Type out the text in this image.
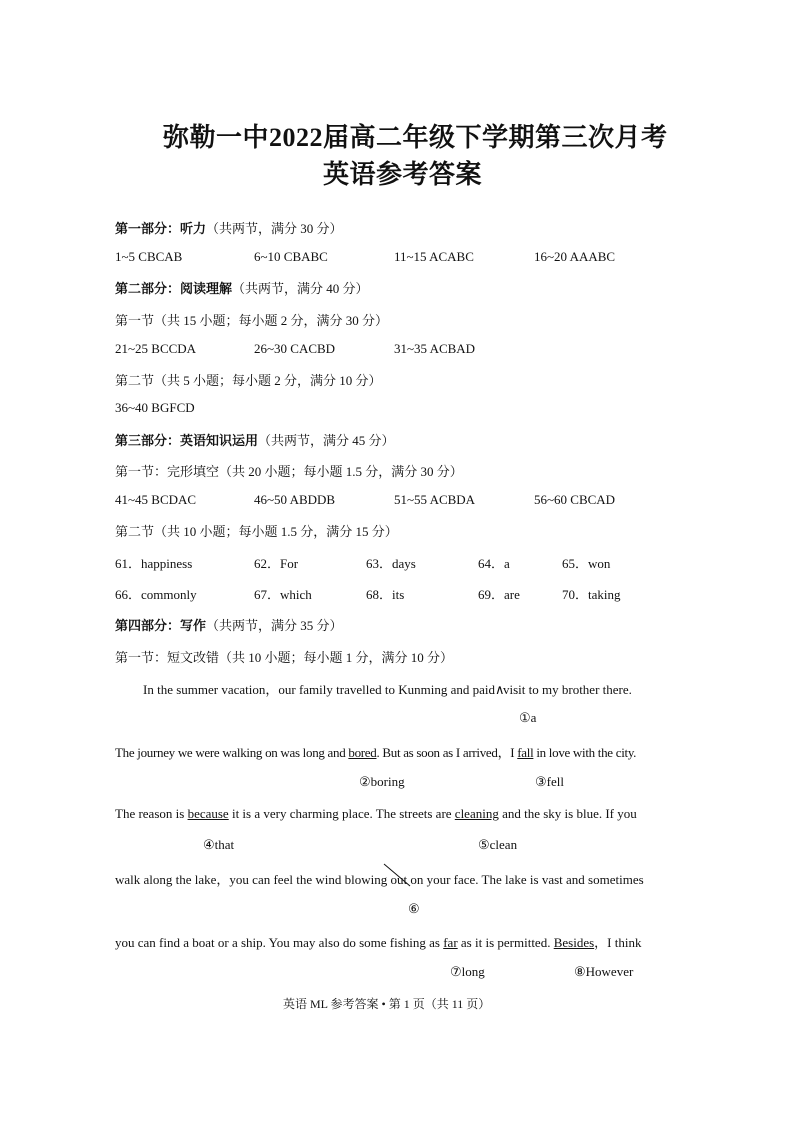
弥勒一中2022届高二年级下学期第三次月考
英语参考答案
第一部分：听力（共两节，满分 30 分）
1~5 CBCAB	6~10 CBABC	11~15 ACABC	16~20 AAABC
第二部分：阅读理解（共两节，满分 40 分）
第一节（共 15 小题；每小题 2 分，满分 30 分）
21~25 BCCDA	26~30 CACBD	31~35 ACBAD
第二节（共 5 小题；每小题 2 分，满分 10 分）
36~40 BGFCD
第三部分：英语知识运用（共两节，满分 45 分）
第一节：完形填空（共 20 小题；每小题 1.5 分，满分 30 分）
41~45 BCDAC	46~50 ABDDB	51~55 ACBDA	56~60 CBCAD
第二节（共 10 小题；每小题 1.5 分，满分 15 分）
61．happiness	62．For	63．days	64．a	65．won
66．commonly	67．which	68．its	69．are	70．taking
第四部分：写作（共两节，满分 35 分）
第一节：短文改错（共 10 小题；每小题 1 分，满分 10 分）
In the summer vacation，our family travelled to Kunming and paid∧visit to my brother there.
①a
The journey we were walking on was long and bored. But as soon as I arrived，I fall in love with the city.
②boring	③fell
The reason is because it is a very charming place. The streets are cleaning and the sky is blue. If you
④that	⑤clean
walk along the lake，you can feel the wind blowing out
on your face. The lake is vast and sometimes
⑥
you can find a boat or a ship. You may also do some fishing as far as it is permitted. Besides，I think
⑦long	⑧However
英语 ML 参考答案 • 第 1 页（共 11 页）
